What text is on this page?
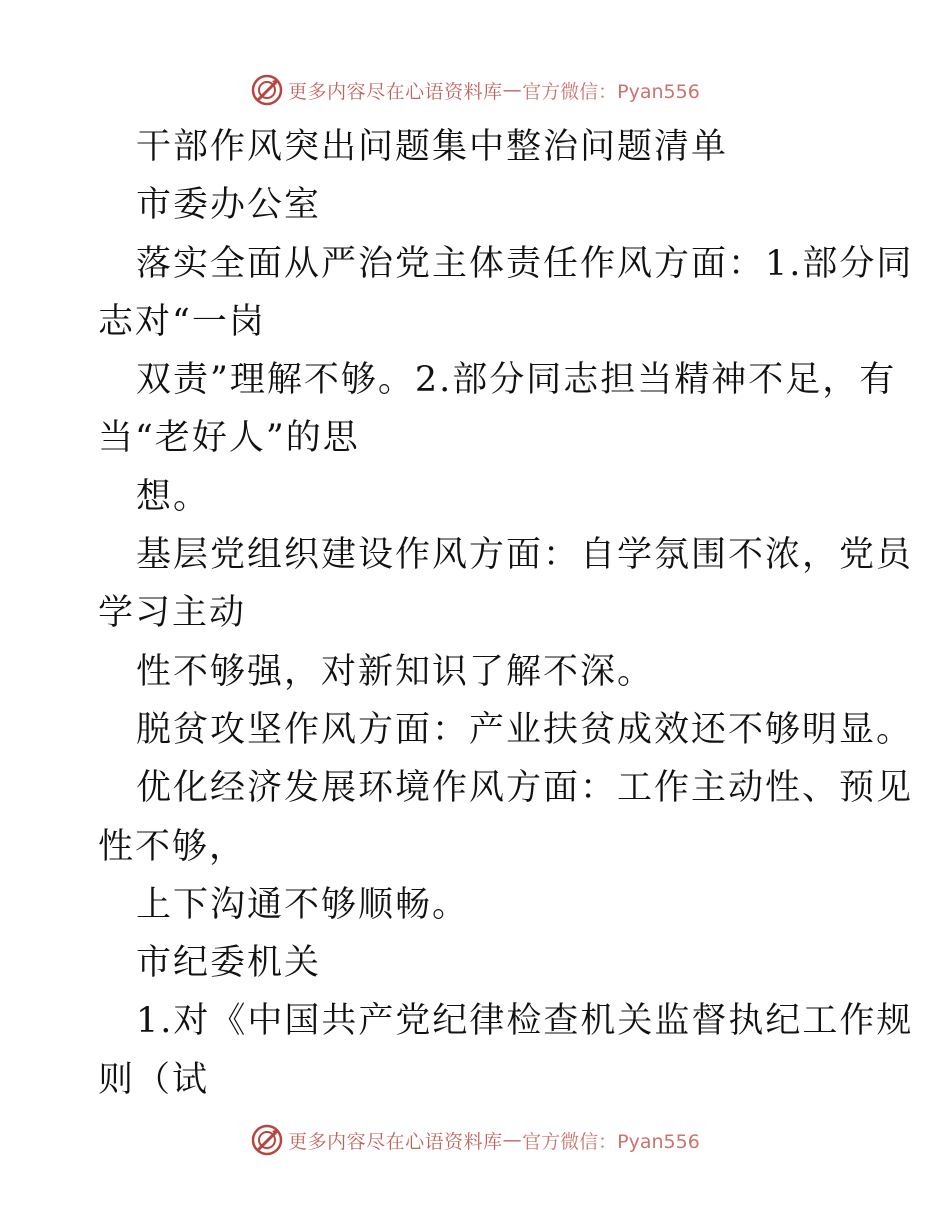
更多内容尽在心语资料库 — 官方微信：Pyan556
干部作风突出问题集中整治问题清单
市委办公室
落实全面从严治党主体责任作风方面：1.部分同
志对“一岗
双责”理解不够。2.部分同志担当精神不足，有
当“老好人”的思
想。
基层党组织建设作风方面：自学氛围不浓，党员
学习主动
性不够强，对新知识了解不深。
脱贫攻坚作风方面：产业扶贫成效还不够明显。
优化经济发展环境作风方面：工作主动性、预见
性不够，
上下沟通不够顺畅。
市纪委机关
1.对《中国共产党纪律检查机关监督执纪工作规
则（试
更多内容尽在心语资料库 — 官方微信：Pyan556
